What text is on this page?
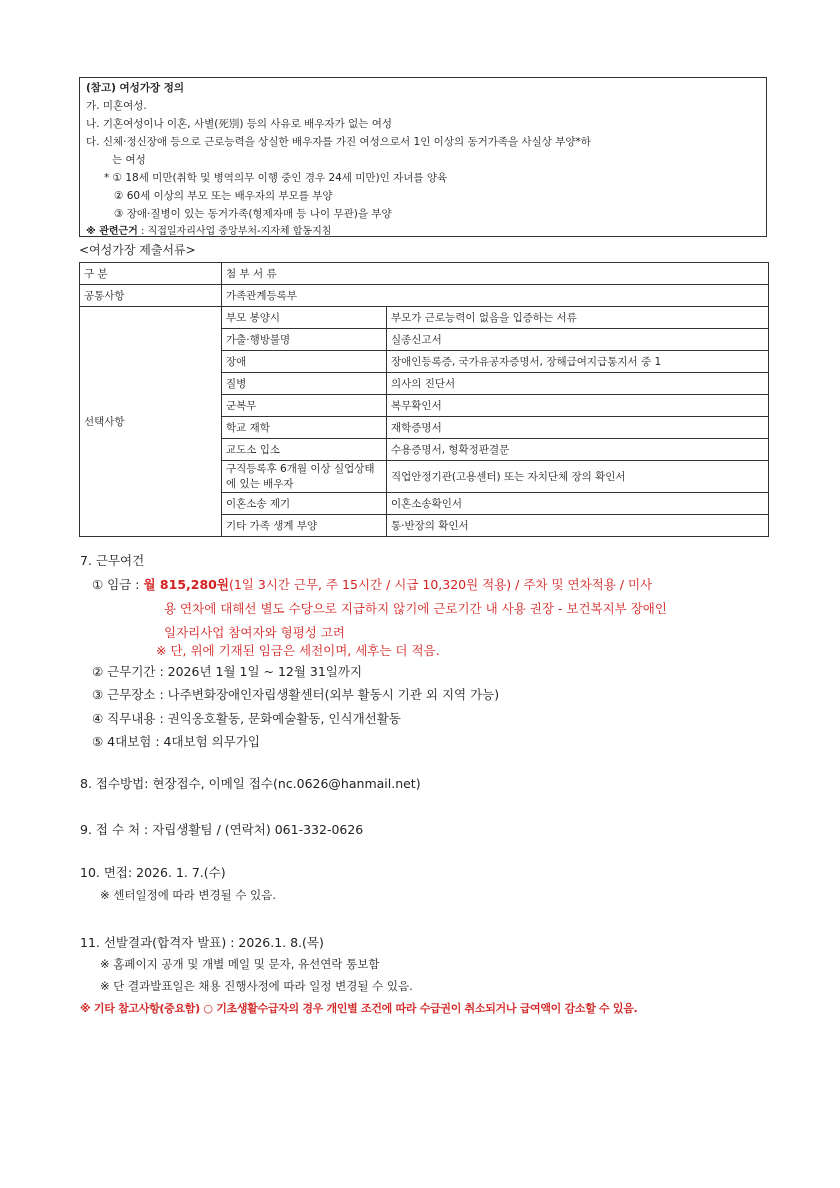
(참고) 여성가장 정의
가. 미혼여성.
나. 기혼여성이나 이혼, 사별(死別) 등의 사유로 배우자가 없는 여성
다. 신체·정신장애 등으로 근로능력을 상실한 배우자를 가진 여성으로서 1인 이상의 동거가족을 사실상 부양*하
는 여성
* ① 18세 미만(취학 및 병역의무 이행 중인 경우 24세 미만)인 자녀를 양육
② 60세 이상의 부모 또는 배우자의 부모를 부양
③ 장애·질병이 있는 동거가족(형제자매 등 나이 무관)을 부양
※ 관련근거 : 직접일자리사업 중앙부처-지자체 합동지침
<여성가장 제출서류>
구 분	첨 부 서 류	
공통사항	가족관계등록부	
선택사항	부모 봉양시	부모가 근로능력이 없음을 입증하는 서류
	가출·행방불명	실종신고서
	장애	장애인등록증, 국가유공자증명서, 장해급여지급통지서 중 1
	질병	의사의 진단서
	군복무	복무확인서
	학교 재학	재학증명서
	교도소 입소	수용증명서, 형확정판결문
	구직등록후 6개월 이상 실업상태에 있는 배우자	직업안정기관(고용센터) 또는 자치단체 장의 확인서
	이혼소송 제기	이혼소송확인서
	기타 가족 생계 부양	통·반장의 확인서
7. 근무여건
① 임금 : 월 815,280원(1일 3시간 근무, 주 15시간 / 시급 10,320원 적용) / 주차 및 연차적용 / 미사
용 연차에 대해선 별도 수당으로 지급하지 않기에 근로기간 내 사용 권장 - 보건복지부 장애인
일자리사업 참여자와 형평성 고려
※ 단, 위에 기재된 임금은 세전이며, 세후는 더 적음.
② 근무기간 : 2026년 1월 1일 ~ 12월 31일까지
③ 근무장소 : 나주변화장애인자립생활센터(외부 활동시 기관 외 지역 가능)
④ 직무내용 : 권익옹호활동, 문화예술활동, 인식개선활동
⑤ 4대보험 : 4대보험 의무가입
8. 접수방법: 현장접수, 이메일 접수(nc.0626@hanmail.net)
9. 접 수 처 : 자립생활팀 / (연락처) 061-332-0626
10. 면접: 2026. 1. 7.(수)
※ 센터일정에 따라 변경될 수 있음.
11. 선발결과(합격자 발표) : 2026.1. 8.(목)
※ 홈페이지 공개 및 개별 메일 및 문자, 유선연락 통보함
※ 단 결과발표일은 채용 진행사정에 따라 일정 변경될 수 있음.
※ 기타 참고사항(중요함) ○ 기초생활수급자의 경우 개인별 조건에 따라 수급권이 취소되거나 급여액이 감소할 수 있음.
